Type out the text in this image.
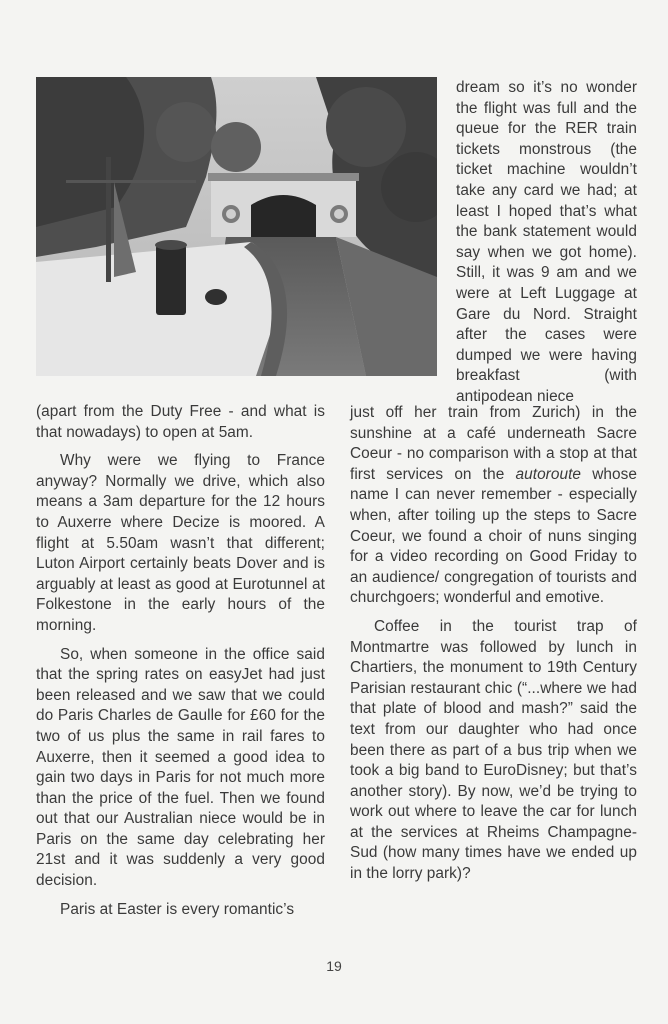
dream so it’s no wonder the flight was full and the queue for the RER train tickets monstrous (the ticket machine wouldn’t take any card we had; at least I hoped that’s what the bank statement would say when we got home). Still, it was 9 am and we were at Left Luggage at Gare du Nord. Straight after the cases were dumped we were having breakfast (with antipodean niece

(apart from the Duty Free - and what is that nowadays) to open at 5am.

Why were we flying to France anyway? Normally we drive, which also means a 3am departure for the 12 hours to Auxerre where Decize is moored. A flight at 5.50am wasn’t that different; Luton Airport certainly beats Dover and is arguably at least as good at Eurotunnel at Folkestone in the early hours of the morning.

So, when someone in the office said that the spring rates on easyJet had just been released and we saw that we could do Paris Charles de Gaulle for £60 for the two of us plus the same in rail fares to Auxerre, then it seemed a good idea to gain two days in Paris for not much more than the price of the fuel. Then we found out that our Australian niece would be in Paris on the same day celebrating her 21st and it was suddenly a very good decision.

Paris at Easter is every romantic’s

just off her train from Zurich) in the sunshine at a café underneath Sacre Coeur - no comparison with a stop at that first services on the autoroute whose name I can never remember - especially when, after toiling up the steps to Sacre Coeur, we found a choir of nuns singing for a video recording on Good Friday to an audience/ congregation of tourists and churchgoers; wonderful and emotive.

Coffee in the tourist trap of Montmartre was followed by lunch in Chartiers, the monument to 19th Century Parisian restaurant chic (“...where we had that plate of blood and mash?” said the text from our daughter who had once been there as part of a bus trip when we took a big band to EuroDisney; but that’s another story). By now, we’d be trying to work out where to leave the car for lunch at the services at Rheims Champagne-Sud (how many times have we ended up in the lorry park)?

19
